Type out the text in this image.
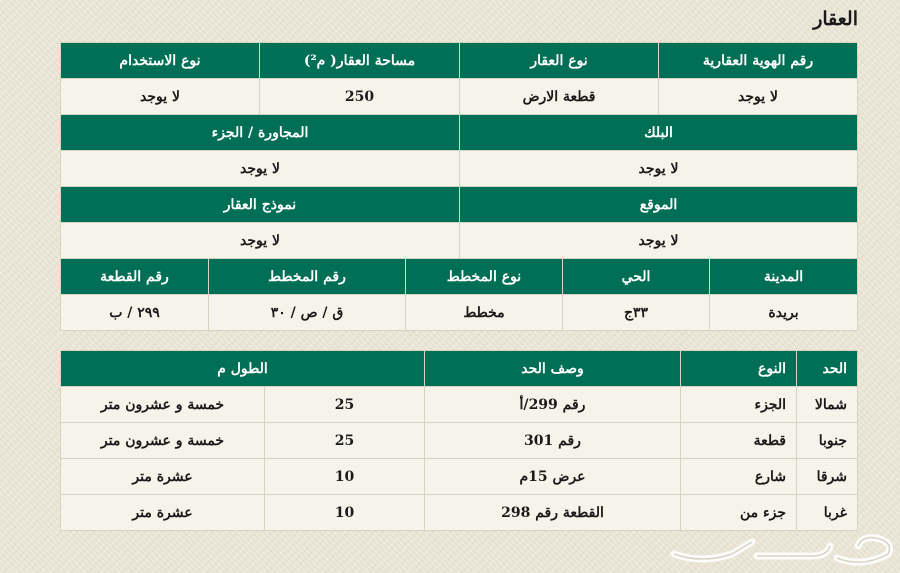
العقار
رقم الهوية العقارية	نوع العقار	مساحة العقار( م²)	نوع الاستخدام
لا يوجد	قطعة الارض	250	لا يوجد
البلك	المجاورة / الجزء
لا يوجد	لا يوجد
الموقع	نموذج العقار
لا يوجد	لا يوجد
المدينة	الحي	نوع المخطط	رقم المخطط	رقم القطعة
بريدة	٣٣ج	مخطط	ق / ص / ٣٠	٢٩٩ / ب
الحد	النوع	وصف الحد	الطول م	
شمالا	الجزء	رقم 299/أ	25	خمسة و عشرون متر
جنوبا	قطعة	رقم 301	25	خمسة و عشرون متر
شرقا	شارع	عرض 15م	10	عشرة متر
غربا	جزء من	القطعة رقم 298	10	عشرة متر
